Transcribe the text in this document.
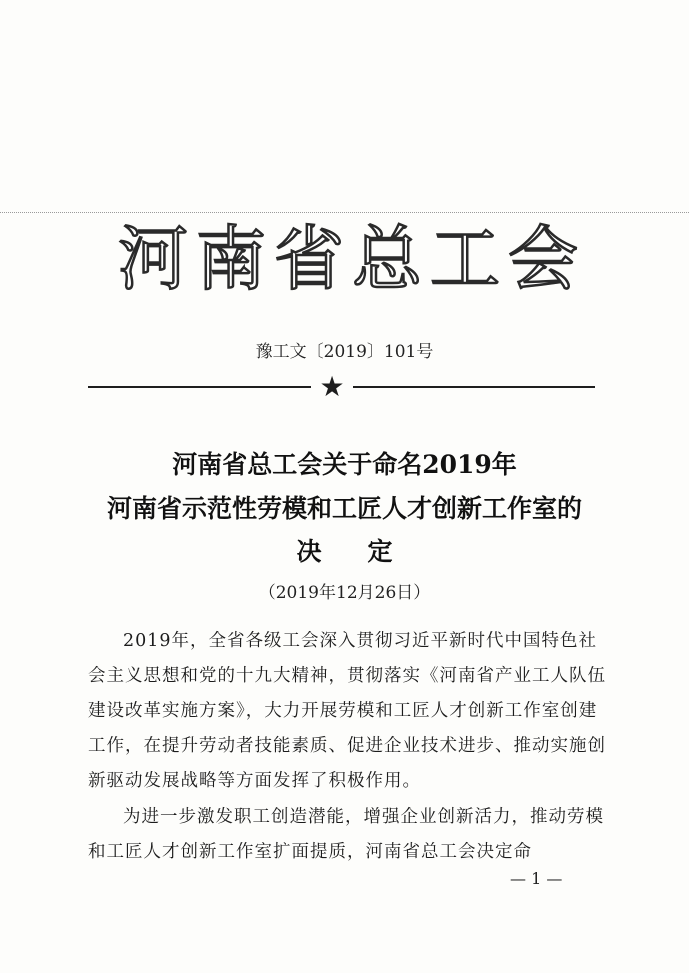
河南省总工会
豫工文〔2019〕101号
★
河南省总工会关于命名2019年
河南省示范性劳模和工匠人才创新工作室的
决定
（2019年12月26日）
2019年，全省各级工会深入贯彻习近平新时代中国特色社会主义思想和党的十九大精神，贯彻落实《河南省产业工人队伍建设改革实施方案》，大力开展劳模和工匠人才创新工作室创建工作，在提升劳动者技能素质、促进企业技术进步、推动实施创新驱动发展战略等方面发挥了积极作用。
为进一步激发职工创造潜能，增强企业创新活力，推动劳模和工匠人才创新工作室扩面提质，河南省总工会决定命
— 1 —
